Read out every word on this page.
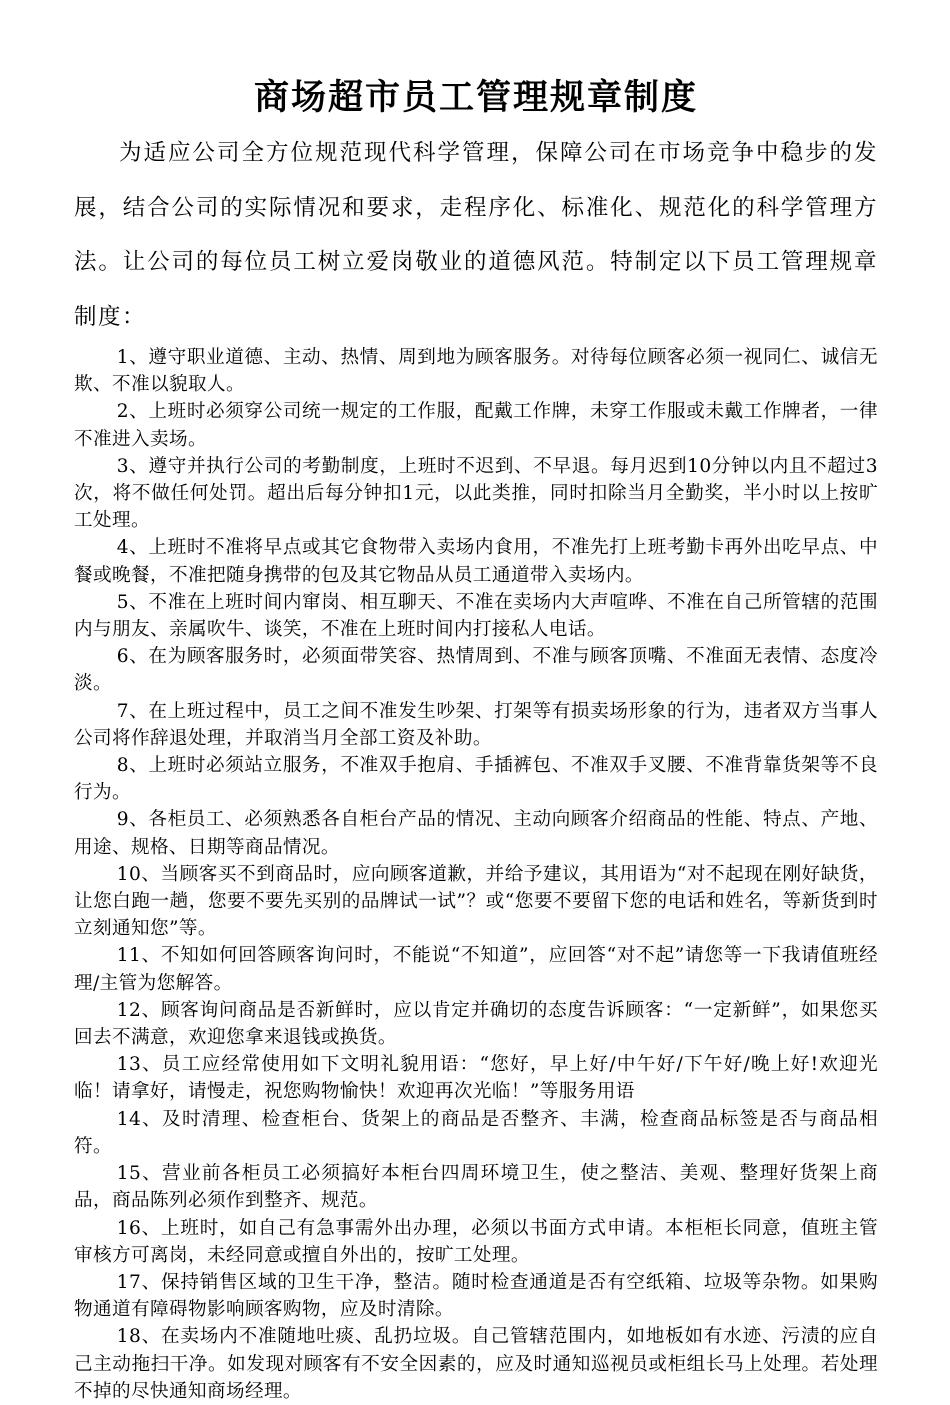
商场超市员工管理规章制度

为适应公司全方位规范现代科学管理，保障公司在市场竞争中稳步的发展，结合公司的实际情况和要求，走程序化、标准化、规范化的科学管理方法。让公司的每位员工树立爱岗敬业的道德风范。特制定以下员工管理规章制度：

1、遵守职业道德、主动、热情、周到地为顾客服务。对待每位顾客必须一视同仁、诚信无欺、不准以貌取人。

2、上班时必须穿公司统一规定的工作服，配戴工作牌，未穿工作服或未戴工作牌者，一律不准进入卖场。

3、遵守并执行公司的考勤制度，上班时不迟到、不早退。每月迟到10分钟以内且不超过3次，将不做任何处罚。超出后每分钟扣1元，以此类推，同时扣除当月全勤奖，半小时以上按旷工处理。

4、上班时不准将早点或其它食物带入卖场内食用，不准先打上班考勤卡再外出吃早点、中餐或晚餐，不准把随身携带的包及其它物品从员工通道带入卖场内。

5、不准在上班时间内窜岗、相互聊天、不准在卖场内大声喧哗、不准在自己所管辖的范围内与朋友、亲属吹牛、谈笑，不准在上班时间内打接私人电话。

6、在为顾客服务时，必须面带笑容、热情周到、不准与顾客顶嘴、不准面无表情、态度冷淡。

7、在上班过程中，员工之间不准发生吵架、打架等有损卖场形象的行为，违者双方当事人公司将作辞退处理，并取消当月全部工资及补助。

8、上班时必须站立服务，不准双手抱肩、手插裤包、不准双手叉腰、不准背靠货架等不良行为。

9、各柜员工、必须熟悉各自柜台产品的情况、主动向顾客介绍商品的性能、特点、产地、用途、规格、日期等商品情况。

10、当顾客买不到商品时，应向顾客道歉，并给予建议，其用语为“对不起现在刚好缺货，让您白跑一趟，您要不要先买别的品牌试一试”？或“您要不要留下您的电话和姓名，等新货到时立刻通知您”等。

11、不知如何回答顾客询问时，不能说“不知道”，应回答“对不起”请您等一下我请值班经理/主管为您解答。

12、顾客询问商品是否新鲜时，应以肯定并确切的态度告诉顾客：“一定新鲜”，如果您买回去不满意，欢迎您拿来退钱或换货。

13、员工应经常使用如下文明礼貌用语：“您好，早上好/中午好/下午好/晚上好!欢迎光临！请拿好，请慢走，祝您购物愉快！欢迎再次光临！”等服务用语

14、及时清理、检查柜台、货架上的商品是否整齐、丰满，检查商品标签是否与商品相符。

15、营业前各柜员工必须搞好本柜台四周环境卫生，使之整洁、美观、整理好货架上商品，商品陈列必须作到整齐、规范。

16、上班时，如自己有急事需外出办理，必须以书面方式申请。本柜柜长同意，值班主管审核方可离岗，未经同意或擅自外出的，按旷工处理。

17、保持销售区域的卫生干净，整洁。随时检查通道是否有空纸箱、垃圾等杂物。如果购物通道有障碍物影响顾客购物，应及时清除。

18、在卖场内不准随地吐痰、乱扔垃圾。自己管辖范围内，如地板如有水迹、污渍的应自己主动拖扫干净。如发现对顾客有不安全因素的，应及时通知巡视员或柜组长马上处理。若处理不掉的尽快通知商场经理。
